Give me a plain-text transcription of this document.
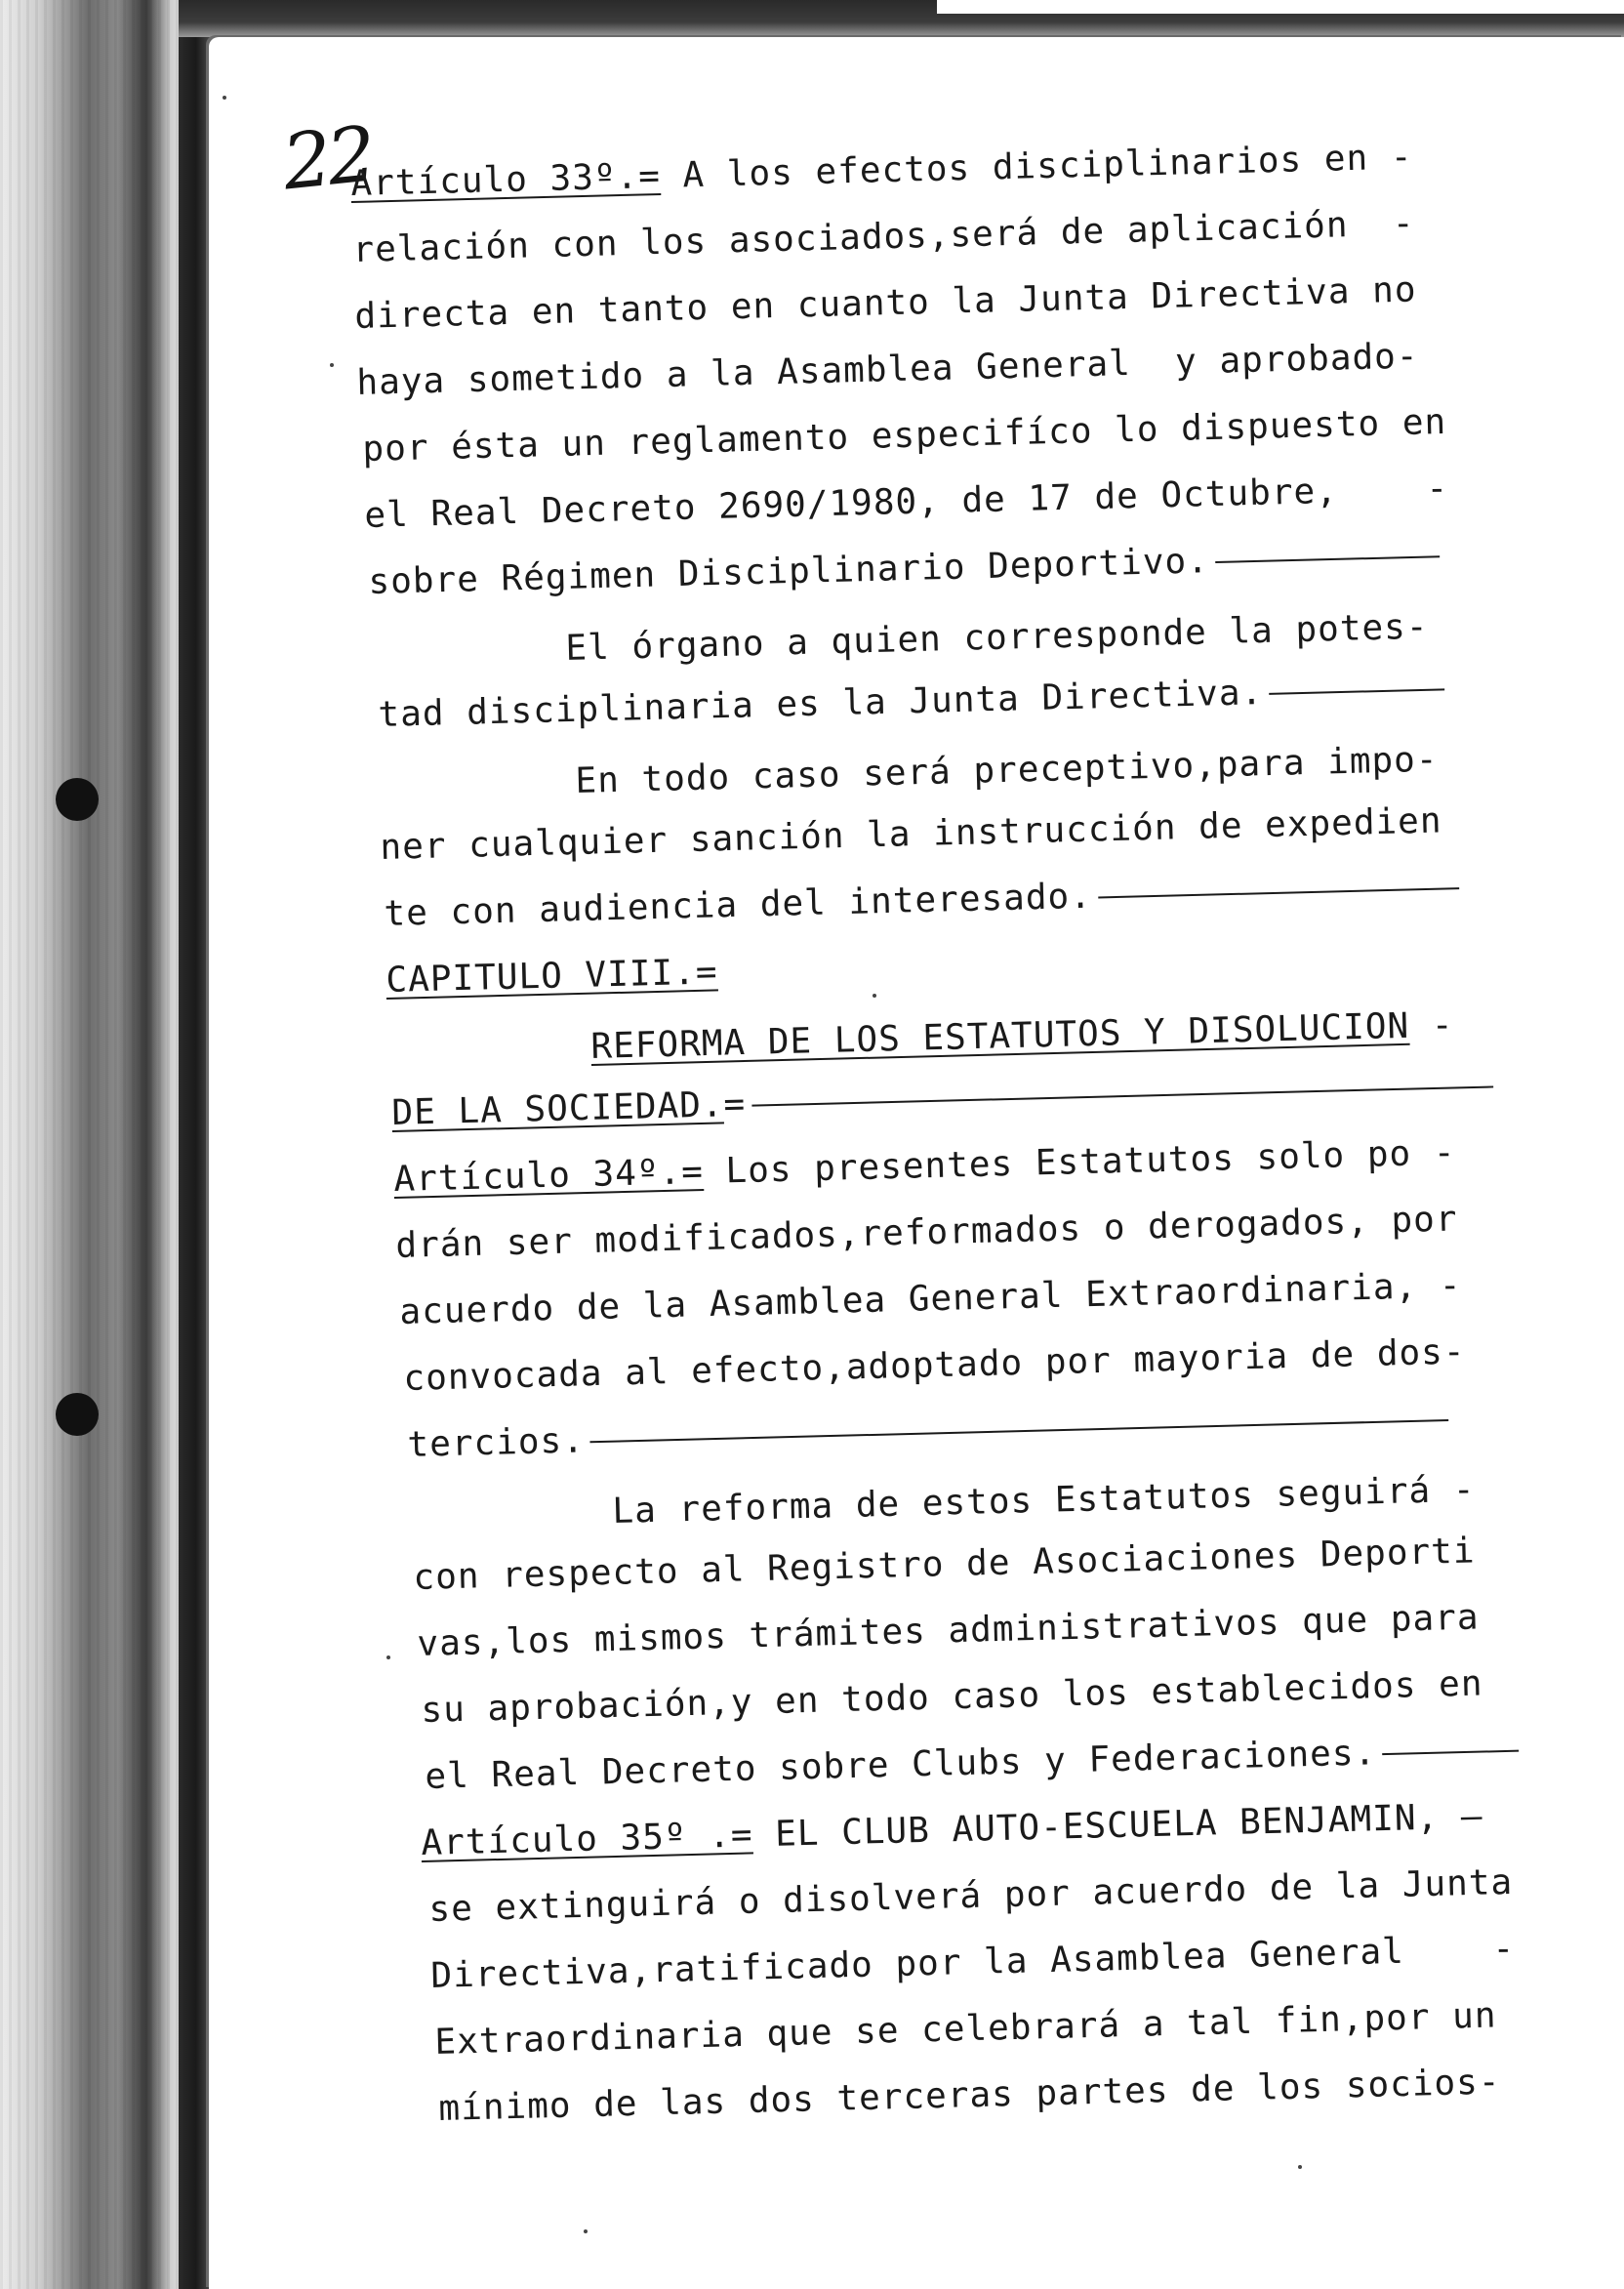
22
Artículo 33º.= A los efectos disciplinarios en -
relación con los asociados,será de aplicación  -
directa en tanto en cuanto la Junta Directiva no
haya sometido a la Asamblea General  y aprobado-
por ésta un reglamento especifíco lo dispuesto en
el Real Decreto 2690/1980, de 17 de Octubre,    -
sobre Régimen Disciplinario Deportivo.
El órgano a quien corresponde la potes-
tad disciplinaria es la Junta Directiva.
En todo caso será preceptivo,para impo-
ner cualquier sanción la instrucción de expedien
te con audiencia del interesado.
CAPITULO VIII.=
REFORMA DE LOS ESTATUTOS Y DISOLUCION -
DE LA SOCIEDAD.=
Artículo 34º.= Los presentes Estatutos solo po -
drán ser modificados,reformados o derogados, por
acuerdo de la Asamblea General Extraordinaria, -
convocada al efecto,adoptado por mayoria de dos-
tercios.
La reforma de estos Estatutos seguirá -
con respecto al Registro de Asociaciones Deporti
vas,los mismos trámites administrativos que para
su aprobación,y en todo caso los establecidos en
el Real Decreto sobre Clubs y Federaciones.
Artículo 35º .= EL CLUB AUTO-ESCUELA BENJAMIN, —
se extinguirá o disolverá por acuerdo de la Junta
Directiva,ratificado por la Asamblea General    -
Extraordinaria que se celebrará a tal fin,por un
mínimo de las dos terceras partes de los socios-
